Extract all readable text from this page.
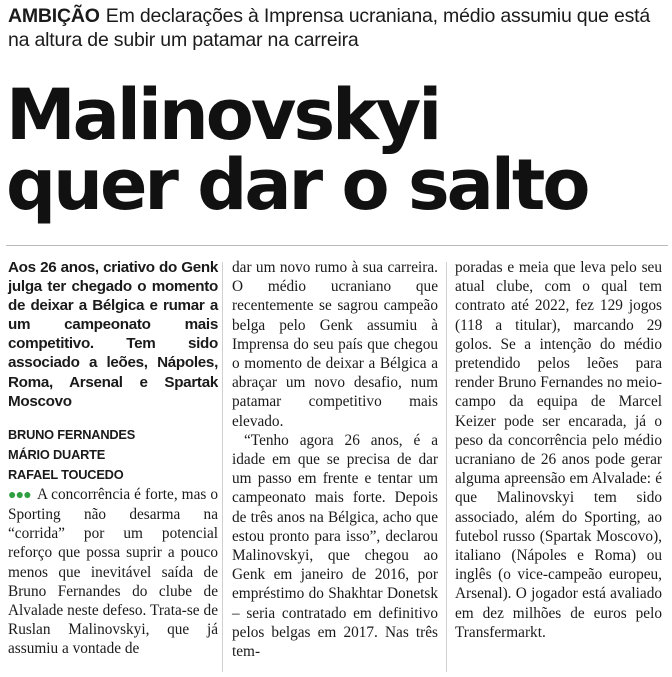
AMBIÇÃO Em declarações à Imprensa ucraniana, médio assumiu que está na altura de subir um patamar na carreira
Malinovskyi
quer dar o salto

Aos 26 anos, criativo do Genk julga ter chegado o momento de deixar a Bélgica e rumar a um campeonato mais competitivo. Tem sido associado a leões, Nápoles, Roma, Arsenal e Spartak Moscovo

BRUNO FERNANDES
MÁRIO DUARTE
RAFAEL TOUCEDO

●●● A concorrência é forte, mas o Sporting não desarma na “corrida” por um potencial reforço que possa suprir a pouco menos que inevitável saída de Bruno Fernandes do clube de Alvalade neste defeso. Trata-se de Ruslan Malinovskyi, que já assumiu a vontade de

dar um novo rumo à sua carreira. O médio ucraniano que recentemente se sagrou campeão belga pelo Genk assumiu à Imprensa do seu país que chegou o momento de deixar a Bélgica a abraçar um novo desafio, num patamar competitivo mais elevado.

“Tenho agora 26 anos, é a idade em que se precisa de dar um passo em frente e tentar um campeonato mais forte. Depois de três anos na Bélgica, acho que estou pronto para isso”, declarou Malinovskyi, que chegou ao Genk em janeiro de 2016, por empréstimo do Shakhtar Donetsk – seria contratado em definitivo pelos belgas em 2017. Nas três tem-

poradas e meia que leva pelo seu atual clube, com o qual tem contrato até 2022, fez 129 jogos (118 a titular), marcando 29 golos. Se a intenção do médio pretendido pelos leões para render Bruno Fernandes no meio-campo da equipa de Marcel Keizer pode ser encarada, já o peso da concorrência pelo médio ucraniano de 26 anos pode gerar alguma apreensão em Alvalade: é que Malinovskyi tem sido associado, além do Sporting, ao futebol russo (Spartak Moscovo), italiano (Nápoles e Roma) ou inglês (o vice-campeão europeu, Arsenal). O jogador está avaliado em dez milhões de euros pelo Transfermarkt.
